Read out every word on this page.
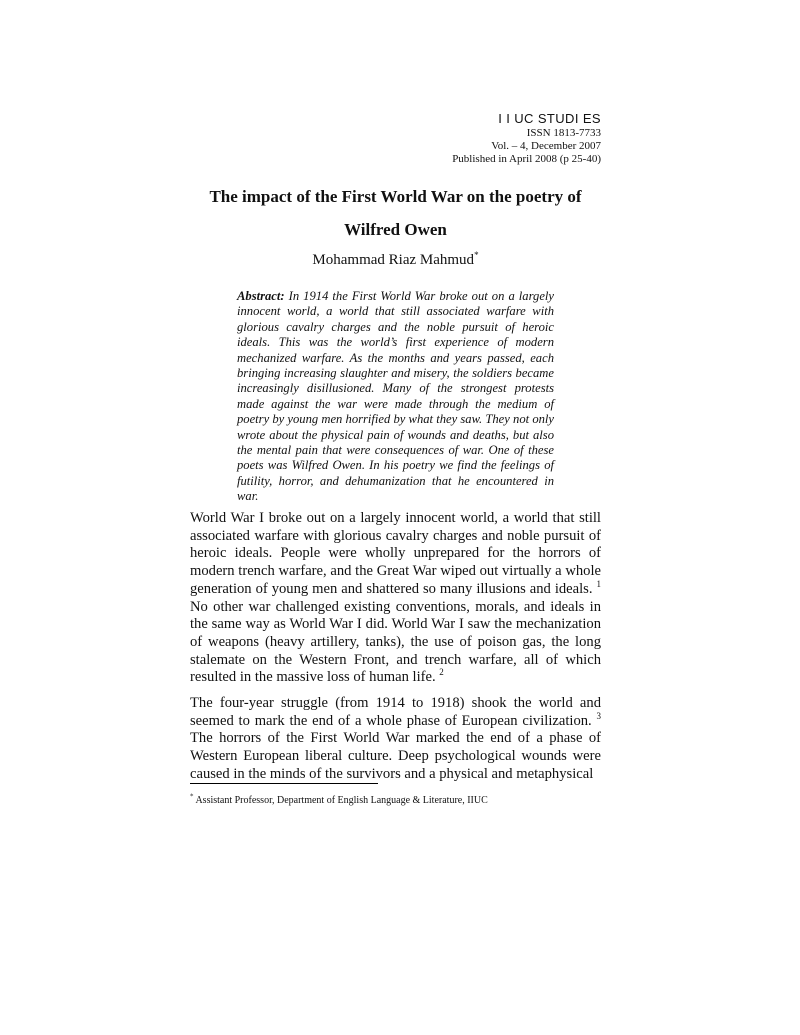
I I UC STUDI ES
ISSN 1813-7733
Vol. – 4, December 2007
Published in April 2008 (p 25-40)
The impact of the First World War on the poetry of
Wilfred Owen
Mohammad Riaz Mahmud*
Abstract: In 1914 the First World War broke out on a largely innocent world, a world that still associated warfare with glorious cavalry charges and the noble pursuit of heroic ideals. This was the world’s first experience of modern mechanized warfare. As the months and years passed, each bringing increasing slaughter and misery, the soldiers became increasingly disillusioned. Many of the strongest protests made against the war were made through the medium of poetry by young men horrified by what they saw. They not only wrote about the physical pain of wounds and deaths, but also the mental pain that were consequences of war. One of these poets was Wilfred Owen. In his poetry we find the feelings of futility, horror, and dehumanization that he encountered in war.

World War I broke out on a largely innocent world, a world that still associated warfare with glorious cavalry charges and noble pursuit of heroic ideals. People were wholly unprepared for the horrors of modern trench warfare, and the Great War wiped out virtually a whole generation of young men and shattered so many illusions and ideals. $^1$ No other war challenged existing conventions, morals, and ideals in the same way as World War I did. World War I saw the mechanization of weapons (heavy artillery, tanks), the use of poison gas, the long stalemate on the Western Front, and trench warfare, all of which resulted in the massive loss of human life. $^2$

The four-year struggle (from 1914 to 1918) shook the world and seemed to mark the end of a whole phase of European civilization. $^3$ The horrors of the First World War marked the end of a phase of Western European liberal culture. Deep psychological wounds were caused in the minds of the survivors and a physical and metaphysical

* Assistant Professor, Department of English Language & Literature, IIUC
